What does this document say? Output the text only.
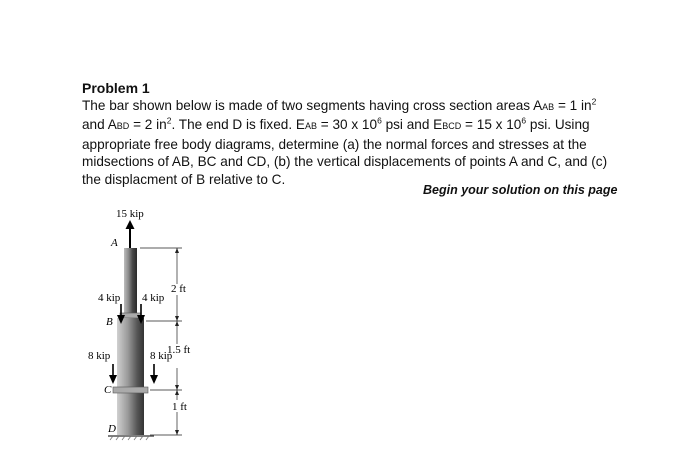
Problem 1
The bar shown below is made of two segments having cross section areas AAB = 1 $in^2$
and ABD = 2 $in^2$. The end D is fixed. EAB = 30 x $10^6$ psi and EBCD = 15 x $10^6$ psi. Using
appropriate free body diagrams, determine (a) the normal forces and stresses at the
midsections of AB, BC and CD, (b) the vertical displacements of points A and C, and (c)
the displacment of B relative to C.
Begin your solution on this page
15 kip
A
D
4 kip 4 kip
B
8 kip	8 kip
C
2 ft
1.5 ft
1 ft
